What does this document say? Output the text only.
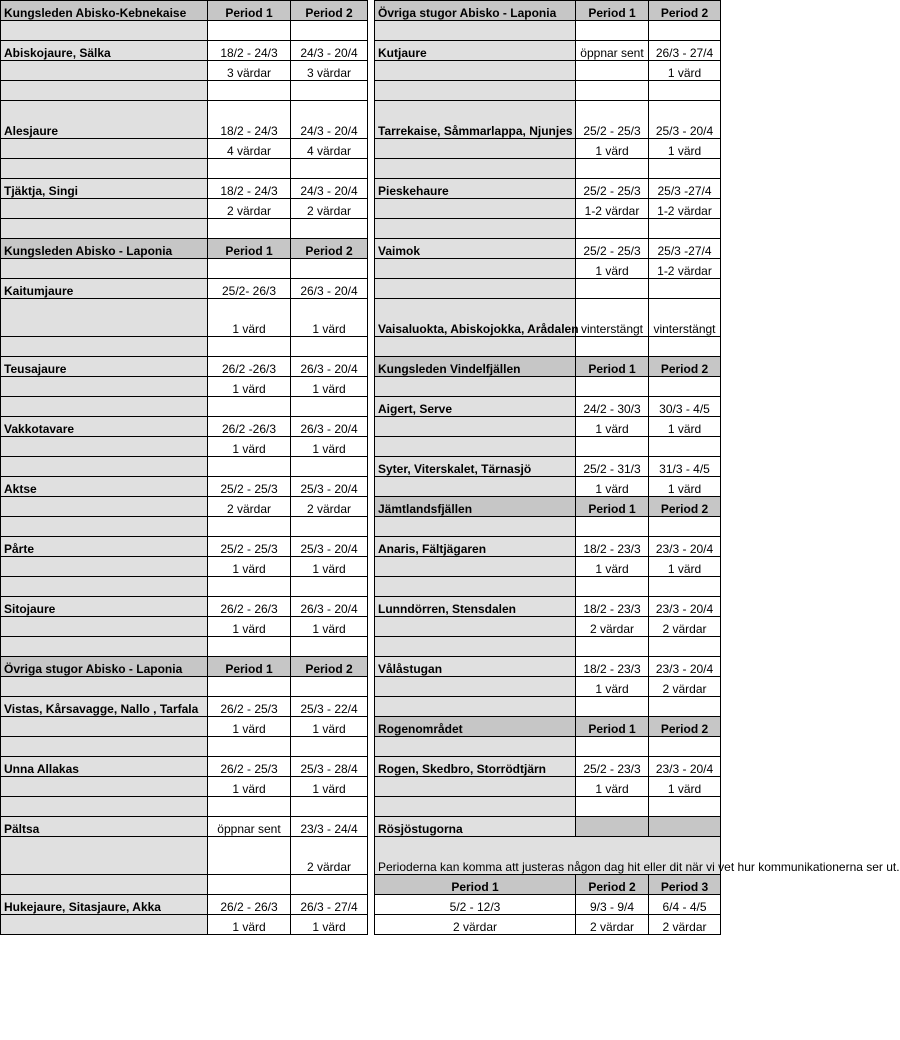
Kungsleden Abisko-Kebnekaise	Period 1	Period 2

Abiskojaure, Sälka	18/2 - 24/3	24/3 - 20/4
	3 värdar	3 värdar

Alesjaure	18/2 - 24/3	24/3 - 20/4
	4 värdar	4 värdar

Tjäktja, Singi	18/2 - 24/3	24/3 - 20/4
	2 värdar	2 värdar

Kungsleden Abisko - Laponia	Period 1	Period 2

Kaitumjaure	25/2- 26/3	26/3 - 20/4
	1 värd	1 värd

Teusajaure	26/2 -26/3	26/3 - 20/4
	1 värd	1 värd

Vakkotavare	26/2 -26/3	26/3 - 20/4
	1 värd	1 värd

Aktse	25/2 - 25/3	25/3 - 20/4
	2 värdar	2 värdar

Pårte	25/2 - 25/3	25/3 - 20/4
	1 värd	1 värd

Sitojaure	26/2 - 26/3	26/3 - 20/4
	1 värd	1 värd

Övriga stugor Abisko - Laponia	Period 1	Period 2

Vistas, Kårsavagge, Nallo , Tarfala	26/2 - 25/3	25/3 - 22/4
	1 värd	1 värd

Unna Allakas	26/2 - 25/3	25/3 - 28/4
	1 värd	1 värd

Pältsa	öppnar sent	23/3 - 24/4
		2 värdar

Hukejaure, Sitasjaure, Akka	26/2 - 26/3	26/3 - 27/4
	1 värd	1 värd
Övriga stugor Abisko - Laponia	Period 1	Period 2

Kutjaure	öppnar sent	26/3 - 27/4
		1 värd

Tarrekaise, Såmmarlappa, Njunjes	25/2 - 25/3	25/3 - 20/4
	1 värd	1 värd

Pieskehaure	25/2 - 25/3	25/3 -27/4
	1-2 värdar	1-2 värdar

Vaimok	25/2 - 25/3	25/3 -27/4
	1 värd	1-2 värdar

Vaisaluokta, Abiskojokka, Arådalen	vinterstängt	vinterstängt

Kungsleden Vindelfjällen	Period 1	Period 2

Aigert, Serve	24/2 - 30/3	30/3 - 4/5
	1 värd	1 värd

Syter, Viterskalet, Tärnasjö	25/2 - 31/3	31/3 - 4/5
	1 värd	1 värd
Jämtlandsfjällen	Period 1	Period 2

Anaris, Fältjägaren	18/2 - 23/3	23/3 - 20/4
	1 värd	1 värd

Lunndörren, Stensdalen	18/2 - 23/3	23/3 - 20/4
	2 värdar	2 värdar

Vålåstugan	18/2 - 23/3	23/3 - 20/4
	1 värd	2 värdar

Rogenområdet	Period 1	Period 2

Rogen, Skedbro, Storrödtjärn	25/2 - 23/3	23/3 - 20/4
	1 värd	1 värd

Rösjöstugorna		
Perioderna kan komma att justeras någon dag hit eller dit när vi vet hur kommunikationerna ser ut.		
Period 1	Period 2	Period 3
5/2 - 12/3	9/3 - 9/4	6/4 - 4/5
2 värdar	2 värdar	2 värdar
